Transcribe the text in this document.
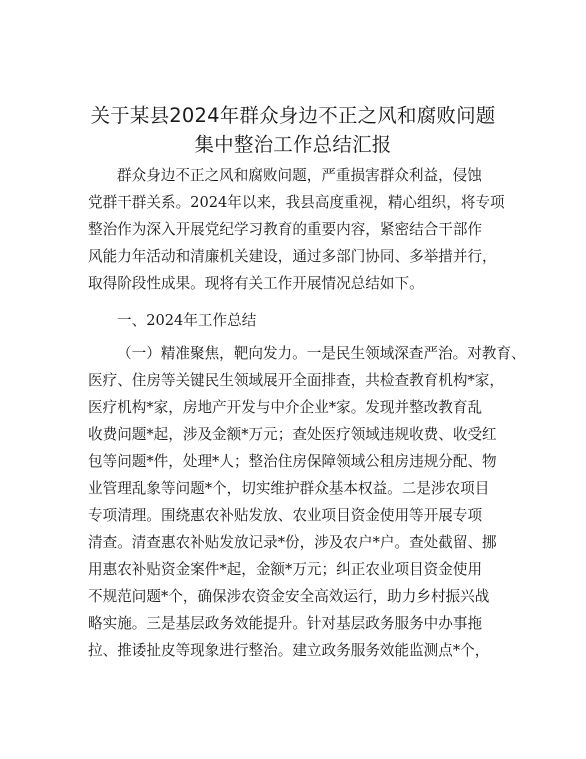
关于某县2024年群众身边不正之风和腐败问题
集中整治工作总结汇报

群众身边不正之风和腐败问题，严重损害群众利益，侵蚀

党群干群关系。2024年以来，我县高度重视，精心组织，将专项

整治作为深入开展党纪学习教育的重要内容，紧密结合干部作

风能力年活动和清廉机关建设，通过多部门协同、多举措并行，

取得阶段性成果。现将有关工作开展情况总结如下。

一、2024年工作总结

（一）精准聚焦，靶向发力。一是民生领域深查严治。对教育、

医疗、住房等关键民生领域展开全面排查，共检查教育机构*家，

医疗机构*家，房地产开发与中介企业*家。发现并整改教育乱

收费问题*起，涉及金额*万元；查处医疗领域违规收费、收受红

包等问题*件，处理*人；整治住房保障领域公租房违规分配、物

业管理乱象等问题*个，切实维护群众基本权益。二是涉农项目

专项清理。围绕惠农补贴发放、农业项目资金使用等开展专项

清查。清查惠农补贴发放记录*份，涉及农户*户。查处截留、挪

用惠农补贴资金案件*起，金额*万元；纠正农业项目资金使用

不规范问题*个，确保涉农资金安全高效运行，助力乡村振兴战

略实施。三是基层政务效能提升。针对基层政务服务中办事拖

拉、推诿扯皮等现象进行整治。建立政务服务效能监测点*个，
